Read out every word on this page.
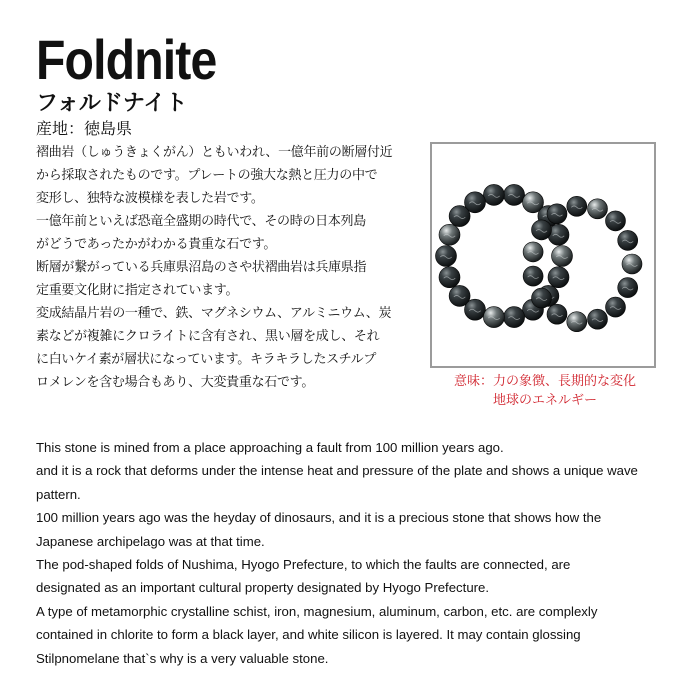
Foldnite
フォルドナイト
産地：徳島県
褶曲岩（しゅうきょくがん）ともいわれ、一億年前の断層付近
から採取されたものです。プレートの強大な熱と圧力の中で
変形し、独特な波模様を表した岩です。
一億年前といえば恐竜全盛期の時代で、その時の日本列島
がどうであったかがわかる貴重な石です。
断層が繋がっている兵庫県沼島のさや状褶曲岩は兵庫県指
定重要文化財に指定されています。
変成結晶片岩の一種で、鉄、マグネシウム、アルミニウム、炭
素などが複雑にクロライトに含有され、黒い層を成し、それ
に白いケイ素が層状になっています。キラキラしたスチルプ
ロメレンを含む場合もあり、大変貴重な石です。	意味：力の象徴、長期的な変化
地球のエネルギー
This stone is mined from a place approaching a fault from 100 million years ago.
and it is a rock that deforms under the intense heat and pressure of the plate and shows a unique wave
pattern.
100 million years ago was the heyday of dinosaurs, and it is a precious stone that shows how the
Japanese archipelago was at that time.
The pod-shaped folds of Nushima, Hyogo Prefecture, to which the faults are connected, are
designated as an important cultural property designated by Hyogo Prefecture.
A type of metamorphic crystalline schist, iron, magnesium, aluminum, carbon, etc. are complexly
contained in chlorite to form a black layer, and white silicon is layered. It may contain glossing
Stilpnomelane that`s why is a very valuable stone.
